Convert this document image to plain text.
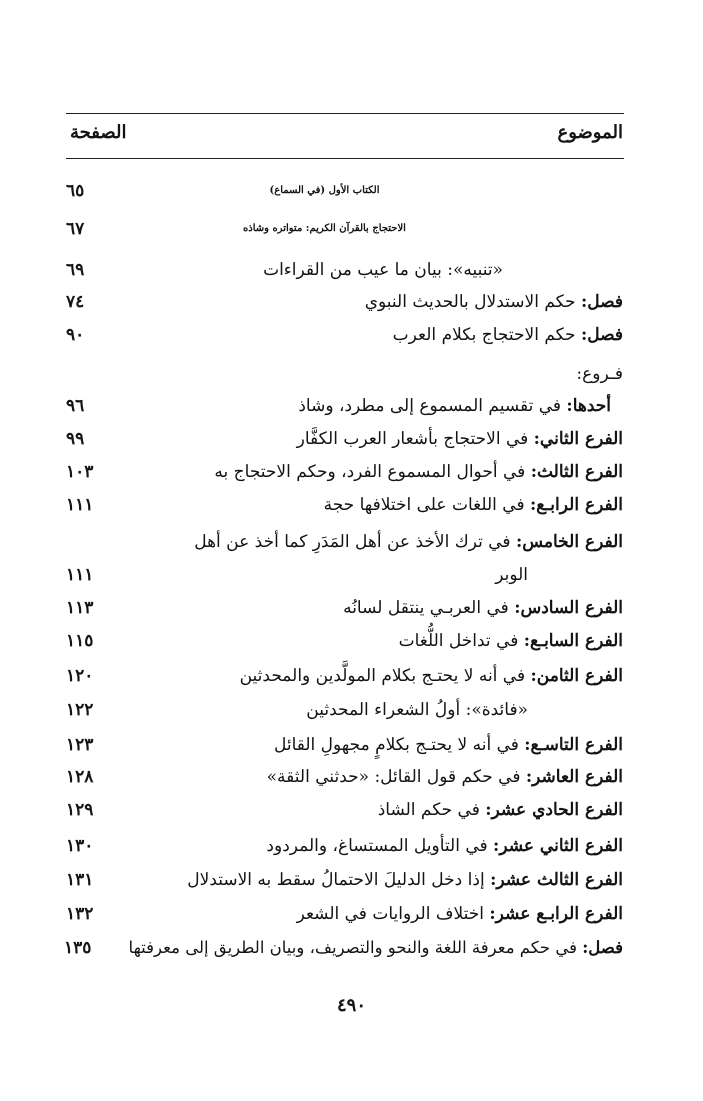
الموضوع
الصفحة
الكتاب الأول (في السماع)
٦٥
الاحتجاج بالقرآن الكريم: متواتره وشاذه
٦٧
«تنبيه»: بيان ما عيب من القراءات
٦٩
فصل: حكم الاستدلال بالحديث النبوي
٧٤
فصل: حكم الاحتجاج بكلام العرب
٩٠
فـروع:
أحدها: في تقسيم المسموع إلى مطرد، وشاذ
٩٦
الفرع الثاني: في الاحتجاج بأشعار العرب الكفَّار
٩٩
الفرع الثالث: في أحوال المسموع الفرد، وحكم الاحتجاج به
١٠٣
الفرع الرابـع: في اللغات على اختلافها حجة
١١١
الفرع الخامس: في ترك الأخذ عن أهل المَدَرِ كما أخذ عن أهل
الوبر
١١١
الفرع السادس: في العربـي ينتقل لسانُه
١١٣
الفرع السابـع: في تداخل اللُّغات
١١٥
الفرع الثامن: في أنه لا يحتـج بكلام المولَّدين والمحدثين
١٢٠
«فائدة»: أولُ الشعراء المحدثين
١٢٢
الفرع التاسـع: في أنه لا يحتـج بكلامٍ مجهولِ القائل
١٢٣
الفرع العاشر: في حكم قول القائل: «حدثني الثقة»
١٢٨
الفرع الحادي عشر: في حكم الشاذ
١٢٩
الفرع الثاني عشر: في التأويل المستساغ، والمردود
١٣٠
الفرع الثالث عشر: إذا دخل الدليلَ الاحتمالُ سقط به الاستدلال
١٣١
الفرع الرابـع عشر: اختلاف الروايات في الشعر
١٣٢
فصل: في حكم معرفة اللغة والنحو والتصريف، وبيان الطريق إلى معرفتها
١٣٥
٤٩٠
